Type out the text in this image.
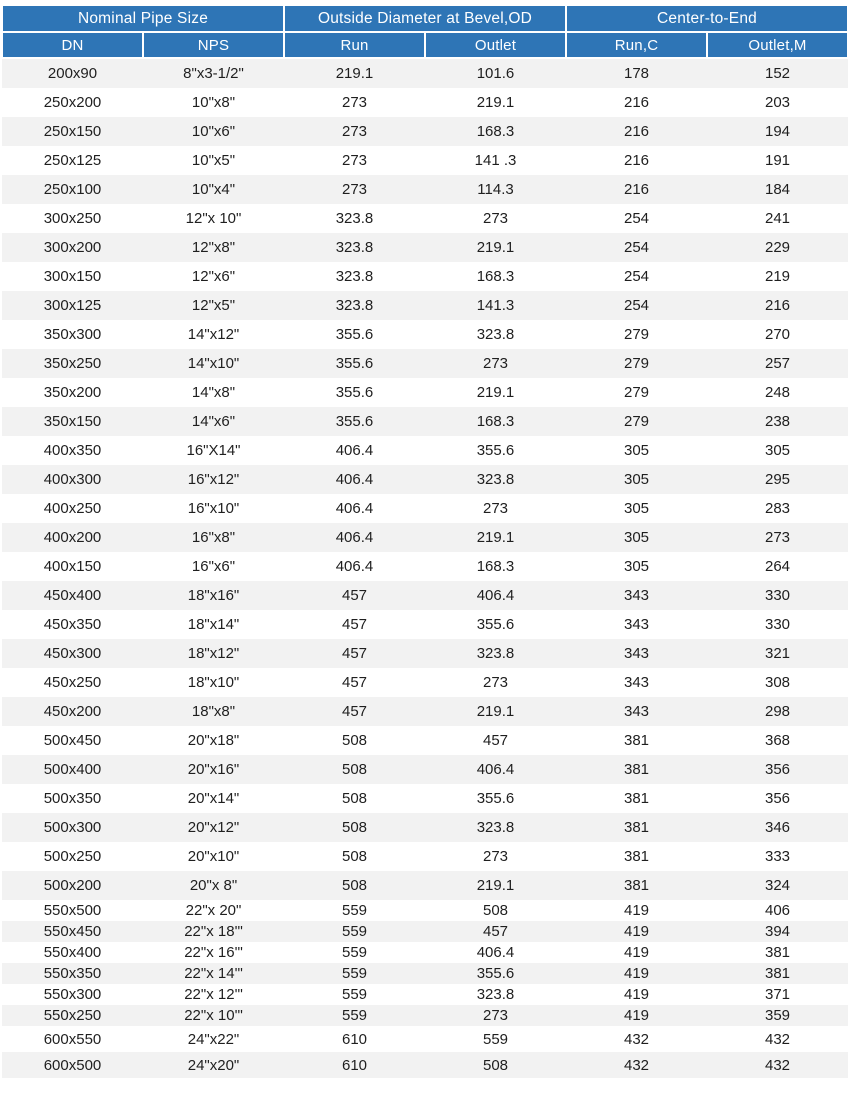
Nominal Pipe Size		Outside Diameter at Bevel,OD		Center-to-End	
DN	NPS	Run	Outlet	Run,C	Outlet,M
200x90	8"x3-1/2"	219.1	101.6	178	152
250x200	10"x8"	273	219.1	216	203
250x150	10"x6"	273	168.3	216	194
250x125	10"x5"	273	141 .3	216	191
250x100	10"x4"	273	114.3	216	184
300x250	12"x 10"	323.8	273	254	241
300x200	12"x8"	323.8	219.1	254	229
300x150	12"x6"	323.8	168.3	254	219
300x125	12"x5"	323.8	141.3	254	216
350x300	14"x12"	355.6	323.8	279	270
350x250	14"x10"	355.6	273	279	257
350x200	14"x8"	355.6	219.1	279	248
350x150	14"x6"	355.6	168.3	279	238
400x350	16"X14"	406.4	355.6	305	305
400x300	16"x12"	406.4	323.8	305	295
400x250	16"x10"	406.4	273	305	283
400x200	16"x8"	406.4	219.1	305	273
400x150	16"x6"	406.4	168.3	305	264
450x400	18"x16"	457	406.4	343	330
450x350	18"x14"	457	355.6	343	330
450x300	18"x12"	457	323.8	343	321
450x250	18"x10"	457	273	343	308
450x200	18"x8"	457	219.1	343	298
500x450	20"x18"	508	457	381	368
500x400	20"x16"	508	406.4	381	356
500x350	20"x14"	508	355.6	381	356
500x300	20"x12"	508	323.8	381	346
500x250	20"x10"	508	273	381	333
500x200	20"x 8"	508	219.1	381	324
550x500	22"x 20"	559	508	419	406
550x450	22"x 18'"	559	457	419	394
550x400	22"x 16'"	559	406.4	419	381
550x350	22"x 14'"	559	355.6	419	381
550x300	22"x 12'"	559	323.8	419	371
550x250	22"x 10'"	559	273	419	359
600x550	24"x22"	610	559	432	432
600x500	24"x20"	610	508	432	432
